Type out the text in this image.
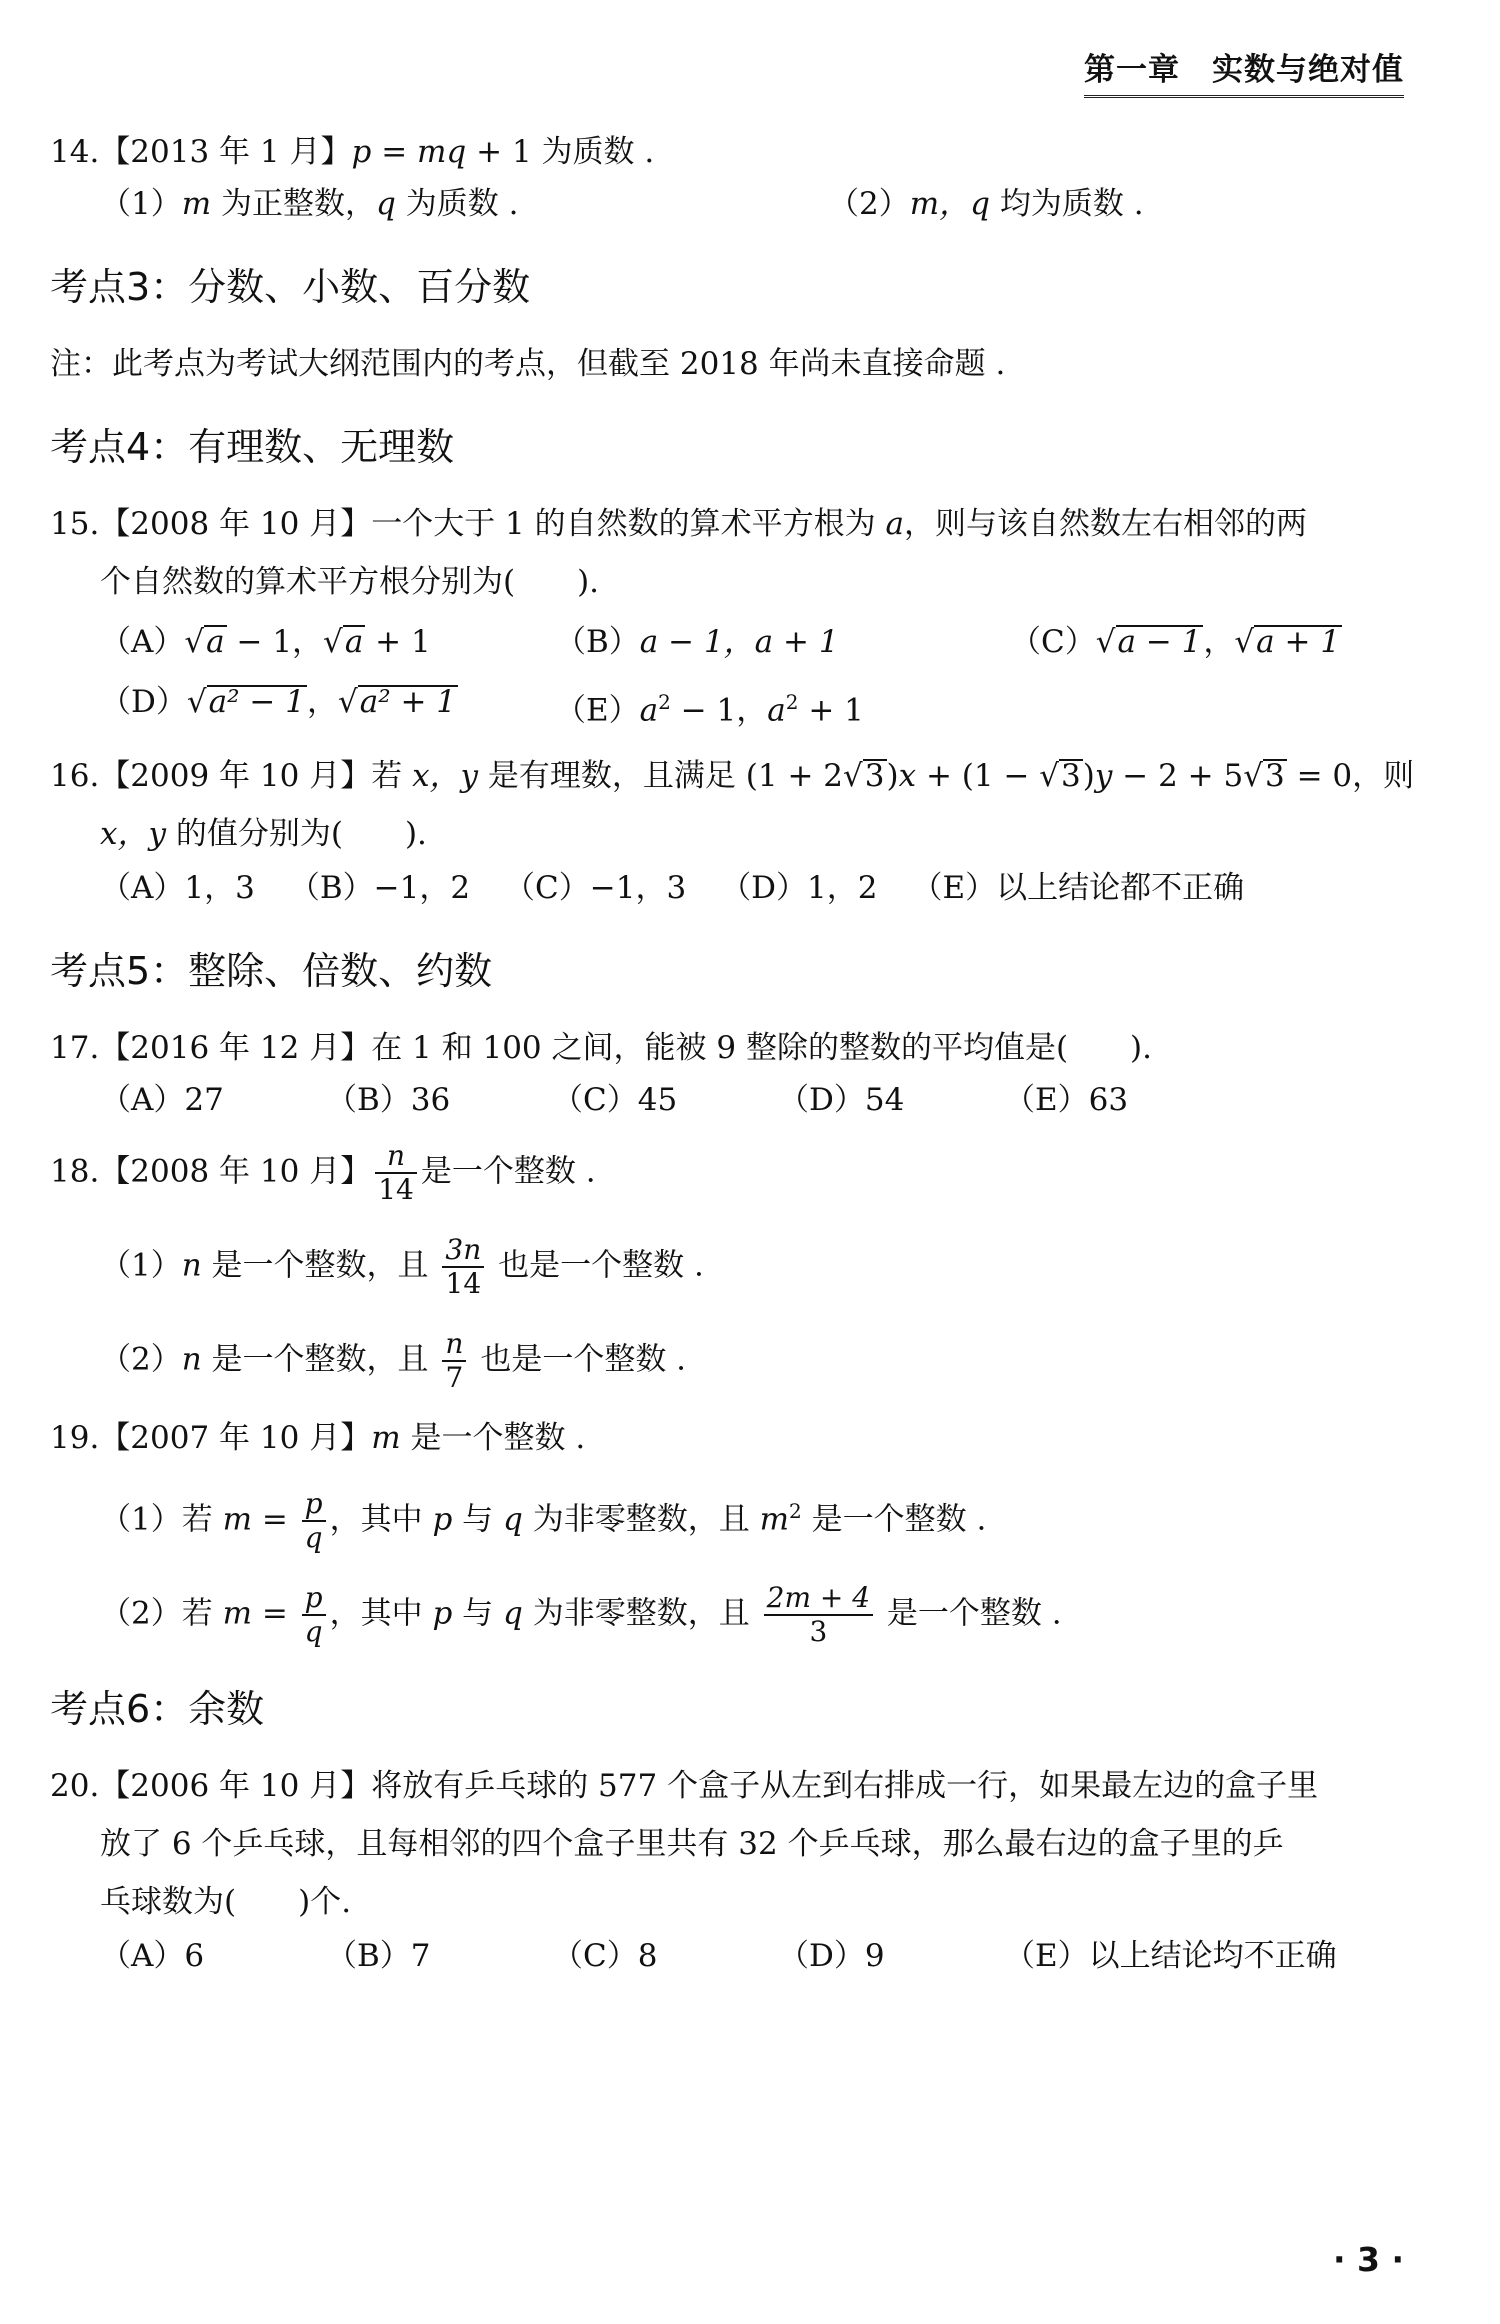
第一章　实数与绝对值
14.【2013 年 1 月】p = mq + 1 为质数 .
（1）m 为正整数，q 为质数 .	（2）m，q 均为质数 .
考点3：分数、小数、百分数
注：此考点为考试大纲范围内的考点，但截至 2018 年尚未直接命题 .
考点4：有理数、无理数
15.【2008 年 10 月】一个大于 1 的自然数的算术平方根为 a，则与该自然数左右相邻的两
个自然数的算术平方根分别为(　　).
（A）√a − 1，√a + 1	（B）a − 1，a + 1	（C）√a − 1，√a + 1
（D）√a² − 1，√a² + 1	$(E)a^2 - 1$，$a^2 + 1$
16.【2009 年 10 月】若 x，y 是有理数，且满足 (1 + 2√3)x + (1 − √3)y − 2 + 5√3 = 0，则
x，y 的值分别为(　　).
（A）1，3 （B）−1，2 （C）−1，3 （D）1，2 （E）以上结论都不正确
考点5：整除、倍数、约数
17.【2016 年 12 月】在 1 和 100 之间，能被 9 整除的整数的平均值是(　　).
（A）27	（B）36	（C）45	（D）54	（E）63
18.【2008 年 10 月】 $\frac{n}{14}$ 是一个整数 .
（1）n 是一个整数，且 $\frac{3n}{14}$ 也是一个整数 .
（2）n 是一个整数，且 $\frac{n}{7}$ 也是一个整数 .
19.【2007 年 10 月】m 是一个整数 .
（1）若 $m = \frac{p}{q}$ ，其中 p 与 q 为非零整数，且 $m^2$ 是一个整数 .
（2）若 $m = \frac{p}{q}$ ，其中 p 与 q 为非零整数，且 $\frac{2m + 4}{3}$ 是一个整数 .
考点6：余数
20.【2006 年 10 月】将放有乒乓球的 577 个盒子从左到右排成一行，如果最左边的盒子里
放了 6 个乒乓球，且每相邻的四个盒子里共有 32 个乒乓球，那么最右边的盒子里的乒
乓球数为(　　)个.
（A）6	（B）7	（C）8	（D）9	（E）以上结论均不正确
· 3 ·
